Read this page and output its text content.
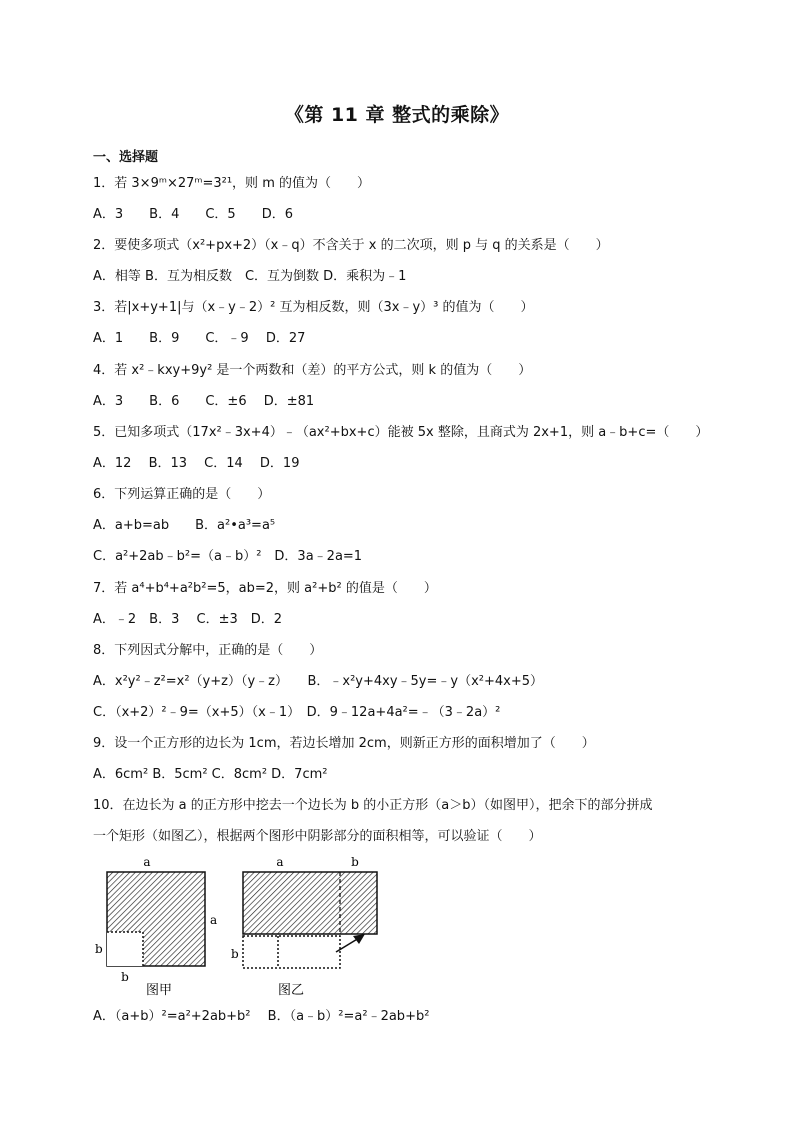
《第 11 章 整式的乘除》
一、选择题
1．若 3×9ᵐ×27ᵐ=3²¹，则 m 的值为（　　）
A．3　　B．4　　C．5　　D．6
2．要使多项式（x²+px+2）（x﹣q）不含关于 x 的二次项，则 p 与 q 的关系是（　　）
A．相等 B．互为相反数　C．互为倒数 D．乘积为﹣1
3．若|x+y+1|与（x﹣y﹣2）² 互为相反数，则（3x﹣y）³ 的值为（　　）
A．1　　B．9　　C．﹣9　 D．27
4．若 x²﹣kxy+9y² 是一个两数和（差）的平方公式，则 k 的值为（　　）
A．3　　B．6　　C．±6　 D．±81
5．已知多项式（17x²﹣3x+4）﹣（ax²+bx+c）能被 5x 整除，且商式为 2x+1，则 a﹣b+c=（　　）
A．12　 B．13　 C．14　 D．19
6．下列运算正确的是（　　）
A．a+b=ab　　B．a²•a³=a⁵
C．a²+2ab﹣b²=（a﹣b）²　D．3a﹣2a=1
7．若 a⁴+b⁴+a²b²=5，ab=2，则 a²+b² 的值是（　　）
A．﹣2　B．3　 C．±3　D．2
8．下列因式分解中，正确的是（　　）
A．x²y²﹣z²=x²（y+z）（y﹣z）　　B．﹣x²y+4xy﹣5y=﹣y（x²+4x+5）
C．（x+2）²﹣9=（x+5）（x﹣1）　D．9﹣12a+4a²=﹣（3﹣2a）²
9．设一个正方形的边长为 1cm，若边长增加 2cm，则新正方形的面积增加了（　　）
A．6cm² B．5cm² C．8cm² D．7cm²
10．在边长为 a 的正方形中挖去一个边长为 b 的小正方形（a＞b）（如图甲），把余下的部分拼成
一个矩形（如图乙），根据两个图形中阴影部分的面积相等，可以验证（　　）
a
a
b
b
图甲
a	b
b
图乙
A．（a+b）²=a²+2ab+b²　 B．（a﹣b）²=a²﹣2ab+b²
